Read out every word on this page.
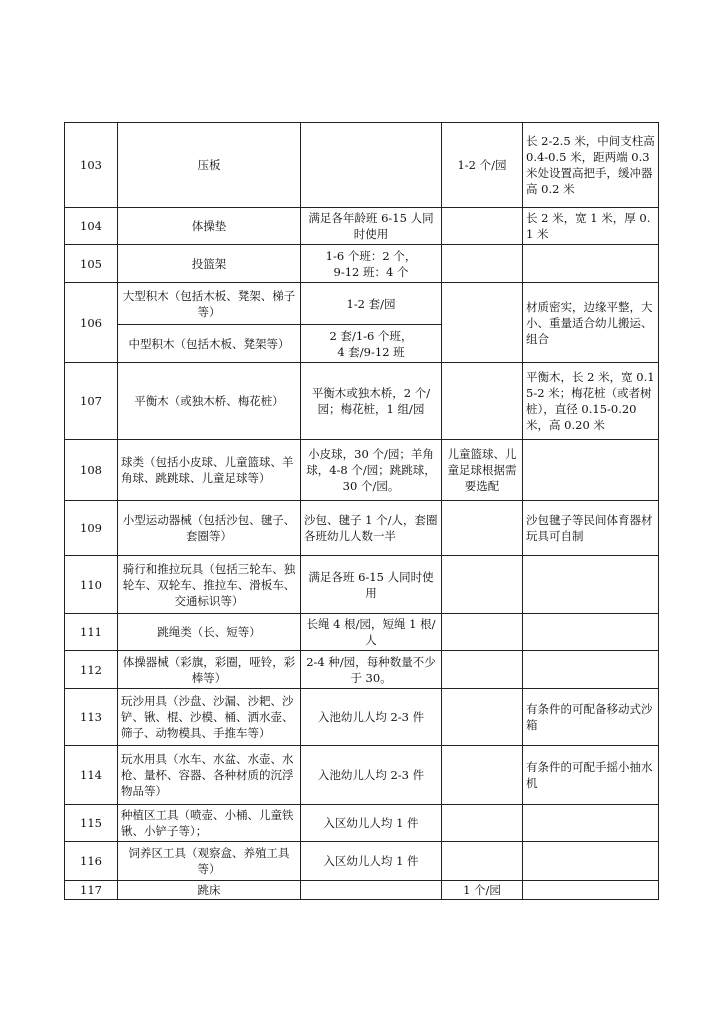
103	压板		1-2 个/园	长 2-2.5 米，中间支柱高 0.4-0.5 米，距两端 0.3 米处设置高把手，缓冲器高 0.2 米
104	体操垫	满足各年龄班 6-15 人同时使用		长 2 米，宽 1 米，厚 0.1 米
105	投篮架	1-6 个班：2 个，
9-12 班：4 个		
106	大型积木（包括木板、凳架、梯子等）	1-2 套/园		材质密实，边缘平整，大小、重量适合幼儿搬运、组合
	中型积木（包括木板、凳架等）	2 套/1-6 个班，
4 套/9-12 班		
107	平衡木（或独木桥、梅花桩）	平衡木或独木桥，2 个/园；梅花桩，1 组/园		平衡木，长 2 米，宽 0.15-2 米；梅花桩（或者树桩），直径 0.15-0.20 米，高 0.20 米
108	球类（包括小皮球、儿童篮球、羊角球、跳跳球、儿童足球等）	小皮球，30 个/园；羊角球，4-8 个/园；跳跳球，30 个/园。	儿童篮球、儿童足球根据需要选配	
109	小型运动器械（包括沙包、毽子、套圈等）	沙包、毽子 1 个/人，套圈各班幼儿人数一半		沙包毽子等民间体育器材玩具可自制
110	骑行和推拉玩具（包括三轮车、独轮车、双轮车、推拉车、滑板车、交通标识等）	满足各班 6-15 人同时使用		
111	跳绳类（长、短等）	长绳 4 根/园，短绳 1 根/人		
112	体操器械（彩旗，彩圈，哑铃，彩棒等）	2-4 种/园，每种数量不少于 30。		
113	玩沙用具（沙盘、沙漏、沙耙、沙铲、锹、棍、沙模、桶、洒水壶、筛子、动物模具、手推车等）	入池幼儿人均 2-3 件		有条件的可配备移动式沙箱
114	玩水用具（水车、水盆、水壶、水枪、量杯、容器、各种材质的沉浮物品等）	入池幼儿人均 2-3 件		有条件的可配手摇小抽水机
115	种植区工具（喷壶、小桶、儿童铁锹、小铲子等）；	入区幼儿人均 1 件		
116	饲养区工具（观察盒、养殖工具等）	入区幼儿人均 1 件		
117	跳床		1 个/园	
